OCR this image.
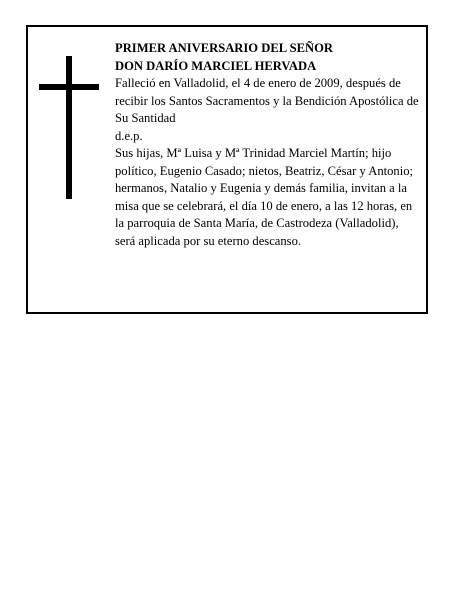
PRIMER ANIVERSARIO DEL SEÑOR

DON DARÍO MARCIEL HERVADA

Falleció en Valladolid, el 4 de enero de 2009, después de recibir los Santos Sacramentos y la Bendición Apostólica de Su Santidad

d.e.p.

Sus hijas, Mª Luisa y Mª Trinidad Marciel Martín; hijo político, Eugenio Casado; nietos, Beatriz, César y Antonio; hermanos, Natalio y Eugenia y demás familia, invitan a la misa que se celebrará, el día 10 de enero, a las 12 horas, en la parroquia de Santa María, de Castrodeza (Valladolid), será aplicada por su eterno descanso.
